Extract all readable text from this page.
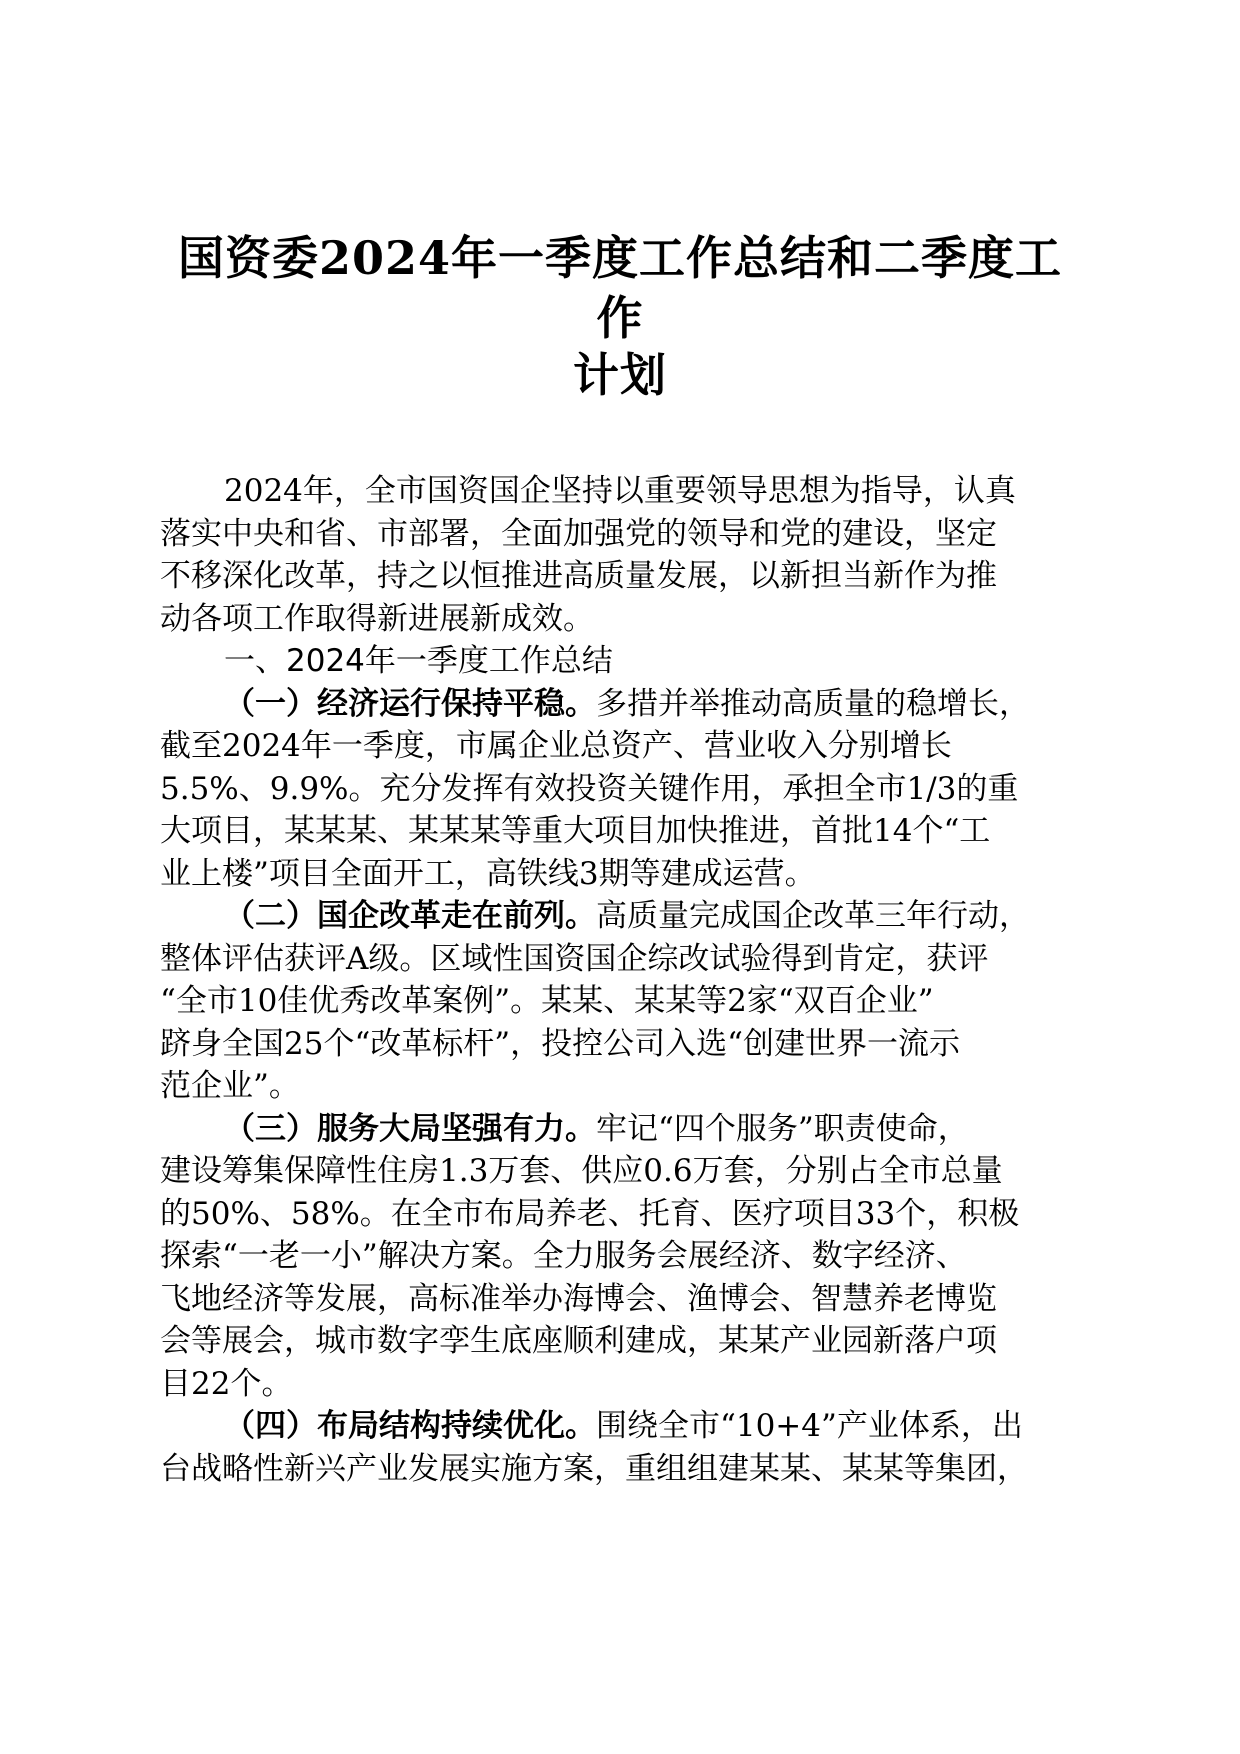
国资委2024年一季度工作总结和二季度工作
计划
2024年，全市国资国企坚持以重要领导思想为指导，认真
落实中央和省、市部署，全面加强党的领导和党的建设，坚定
不移深化改革，持之以恒推进高质量发展，以新担当新作为推
动各项工作取得新进展新成效。
一、2024年一季度工作总结
（一）经济运行保持平稳。多措并举推动高质量的稳增长，
截至2024年一季度，市属企业总资产、营业收入分别增长
5.5%、9.9%。充分发挥有效投资关键作用，承担全市1/3的重
大项目，某某某、某某某等重大项目加快推进，首批14个“工
业上楼”项目全面开工，高铁线3期等建成运营。
（二）国企改革走在前列。高质量完成国企改革三年行动，
整体评估获评A级。区域性国资国企综改试验得到肯定，获评
“全市10佳优秀改革案例”。某某、某某等2家“双百企业”
跻身全国25个“改革标杆”，投控公司入选“创建世界一流示
范企业”。
（三）服务大局坚强有力。牢记“四个服务”职责使命，
建设筹集保障性住房1.3万套、供应0.6万套，分别占全市总量
的50%、58%。在全市布局养老、托育、医疗项目33个，积极
探索“一老一小”解决方案。全力服务会展经济、数字经济、
飞地经济等发展，高标准举办海博会、渔博会、智慧养老博览
会等展会，城市数字孪生底座顺利建成，某某产业园新落户项
目22个。
（四）布局结构持续优化。围绕全市“10+4”产业体系，出
台战略性新兴产业发展实施方案，重组组建某某、某某等集团，
